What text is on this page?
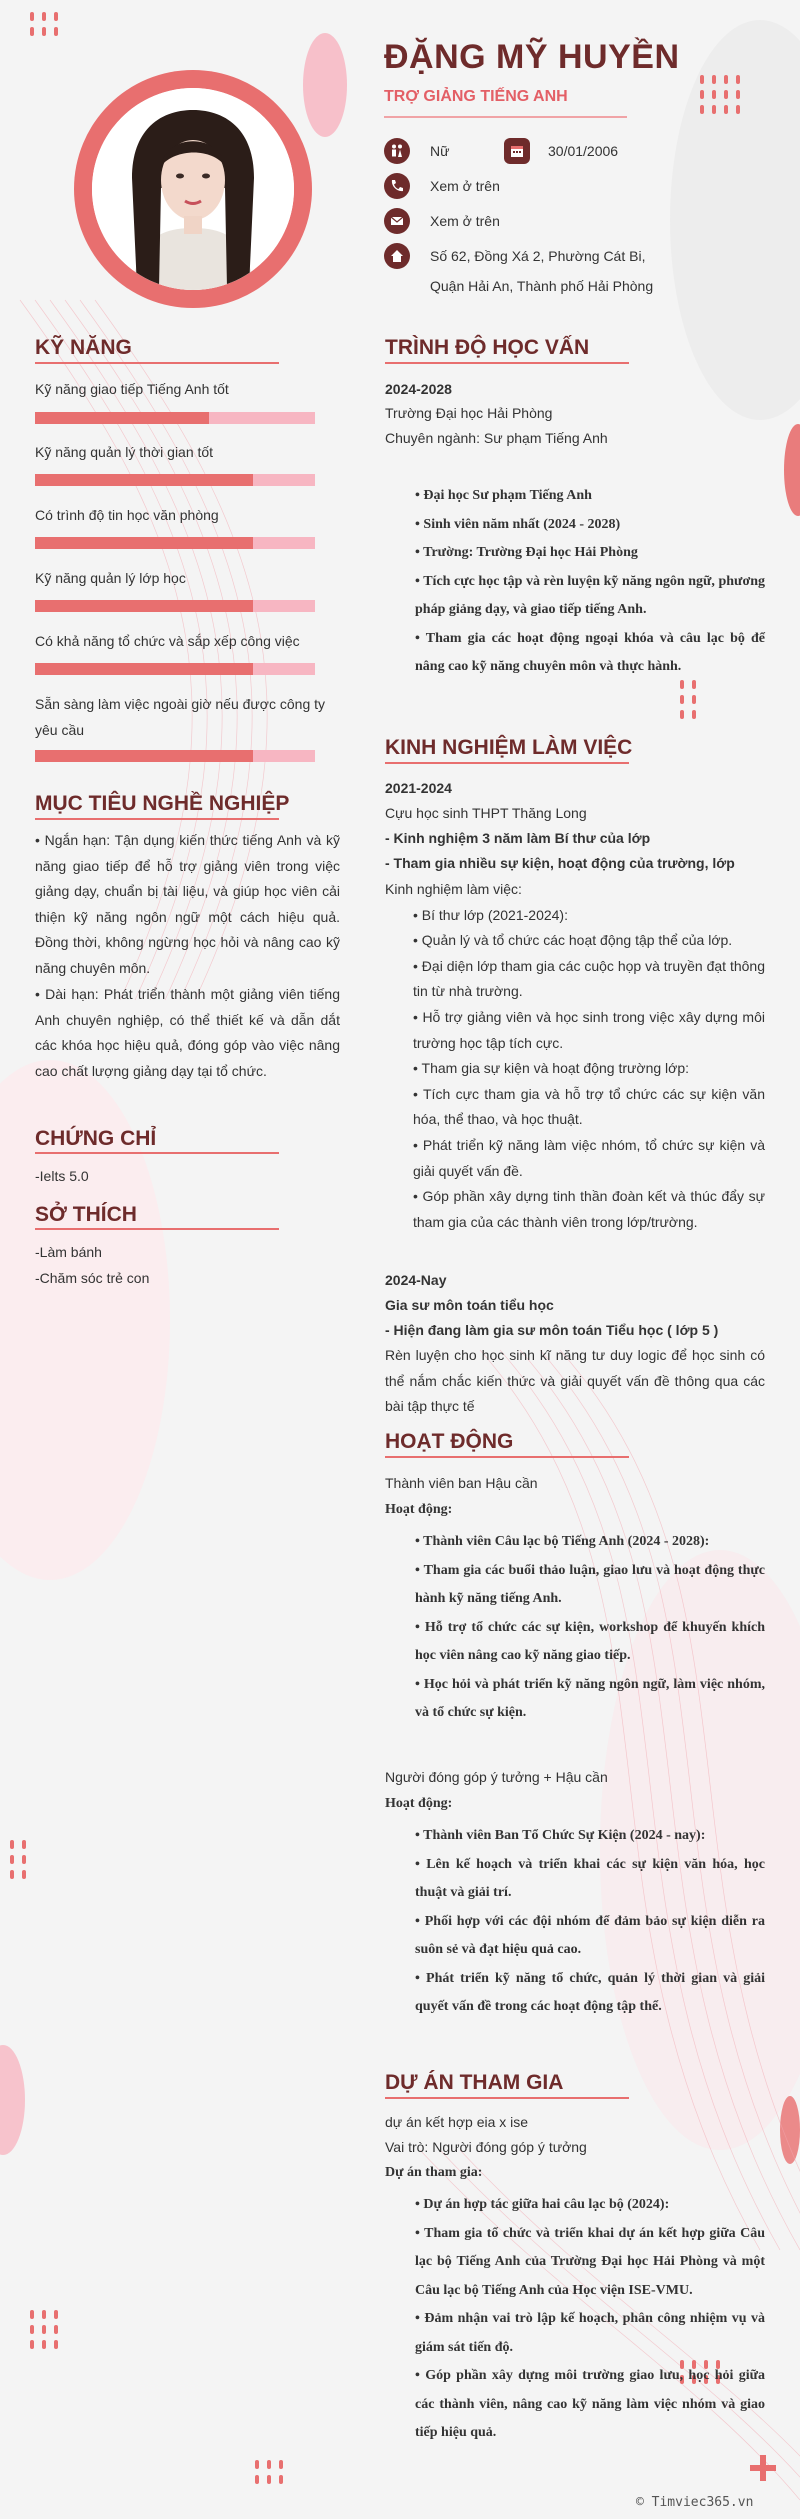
ĐẶNG MỸ HUYỀN
TRỢ GIẢNG TIẾNG ANH
Nữ	30/01/2006
Xem ở trên
Xem ở trên
Số 62, Đồng Xá 2, Phường Cát Bi,
Quận Hải An, Thành phố Hải Phòng
KỸ NĂNG
Kỹ năng giao tiếp Tiếng Anh tốt
Kỹ năng quản lý thời gian tốt
Có trình độ tin học văn phòng
Kỹ năng quản lý lớp học
Có khả năng tổ chức và sắp xếp công việc
Sẵn sàng làm việc ngoài giờ nếu được công ty yêu cầu
MỤC TIÊU NGHỀ NGHIỆP
• Ngắn hạn: Tận dụng kiến thức tiếng Anh và kỹ năng giao tiếp để hỗ trợ giảng viên trong việc giảng dạy, chuẩn bị tài liệu, và giúp học viên cải thiện kỹ năng ngôn ngữ một cách hiệu quả. Đồng thời, không ngừng học hỏi và nâng cao kỹ năng chuyên môn.
• Dài hạn: Phát triển thành một giảng viên tiếng Anh chuyên nghiệp, có thể thiết kế và dẫn dắt các khóa học hiệu quả, đóng góp vào việc nâng cao chất lượng giảng dạy tại tổ chức.
CHỨNG CHỈ
-Ielts 5.0
SỞ THÍCH
-Làm bánh
-Chăm sóc trẻ con
TRÌNH ĐỘ HỌC VẤN
2024-2028
Trường Đại học Hải Phòng
Chuyên ngành: Sư phạm Tiếng Anh

• Đại học Sư phạm Tiếng Anh

• Sinh viên năm nhất (2024 - 2028)

• Trường: Trường Đại học Hải Phòng

• Tích cực học tập và rèn luyện kỹ năng ngôn ngữ, phương pháp giảng dạy, và giao tiếp tiếng Anh.

• Tham gia các hoạt động ngoại khóa và câu lạc bộ để nâng cao kỹ năng chuyên môn và thực hành.

KINH NGHIỆM LÀM VIỆC
2021-2024
Cựu học sinh THPT Thăng Long
- Kinh nghiệm 3 năm làm Bí thư của lớp
- Tham gia nhiều sự kiện, hoạt động của trường, lớp

Kinh nghiệm làm việc:

• Bí thư lớp (2021-2024):

• Quản lý và tổ chức các hoạt động tập thể của lớp.

• Đại diện lớp tham gia các cuộc họp và truyền đạt thông tin từ nhà trường.

• Hỗ trợ giảng viên và học sinh trong việc xây dựng môi trường học tập tích cực.

• Tham gia sự kiện và hoạt động trường lớp:

• Tích cực tham gia và hỗ trợ tổ chức các sự kiện văn hóa, thể thao, và học thuật.

• Phát triển kỹ năng làm việc nhóm, tổ chức sự kiện và giải quyết vấn đề.

• Góp phần xây dựng tinh thần đoàn kết và thúc đẩy sự tham gia của các thành viên trong lớp/trường.

2024-Nay
Gia sư môn toán tiểu học
- Hiện đang làm gia sư môn toán Tiểu học ( lớp 5 )
Rèn luyện cho học sinh kĩ năng tư duy logic để học sinh có thể nắm chắc kiến thức và giải quyết vấn đề thông qua các bài tập thực tế
HOẠT ĐỘNG
Thành viên ban Hậu cần
Hoạt động:

• Thành viên Câu lạc bộ Tiếng Anh (2024 - 2028):

• Tham gia các buổi thảo luận, giao lưu và hoạt động thực hành kỹ năng tiếng Anh.

• Hỗ trợ tổ chức các sự kiện, workshop để khuyến khích học viên nâng cao kỹ năng giao tiếp.

• Học hỏi và phát triển kỹ năng ngôn ngữ, làm việc nhóm, và tổ chức sự kiện.

Người đóng góp ý tưởng + Hậu cần
Hoạt động:

• Thành viên Ban Tổ Chức Sự Kiện (2024 - nay):

• Lên kế hoạch và triển khai các sự kiện văn hóa, học thuật và giải trí.

• Phối hợp với các đội nhóm để đảm bảo sự kiện diễn ra suôn sẻ và đạt hiệu quả cao.

• Phát triển kỹ năng tổ chức, quản lý thời gian và giải quyết vấn đề trong các hoạt động tập thể.

DỰ ÁN THAM GIA
dự án kết hợp eia x ise
Vai trò: Người đóng góp ý tưởng
Dự án tham gia:

• Dự án hợp tác giữa hai câu lạc bộ (2024):

• Tham gia tổ chức và triển khai dự án kết hợp giữa Câu lạc bộ Tiếng Anh của Trường Đại học Hải Phòng và một Câu lạc bộ Tiếng Anh của Học viện ISE-VMU.

• Đảm nhận vai trò lập kế hoạch, phân công nhiệm vụ và giám sát tiến độ.

• Góp phần xây dựng môi trường giao lưu, học hỏi giữa các thành viên, nâng cao kỹ năng làm việc nhóm và giao tiếp hiệu quả.

© Timviec365.vn
